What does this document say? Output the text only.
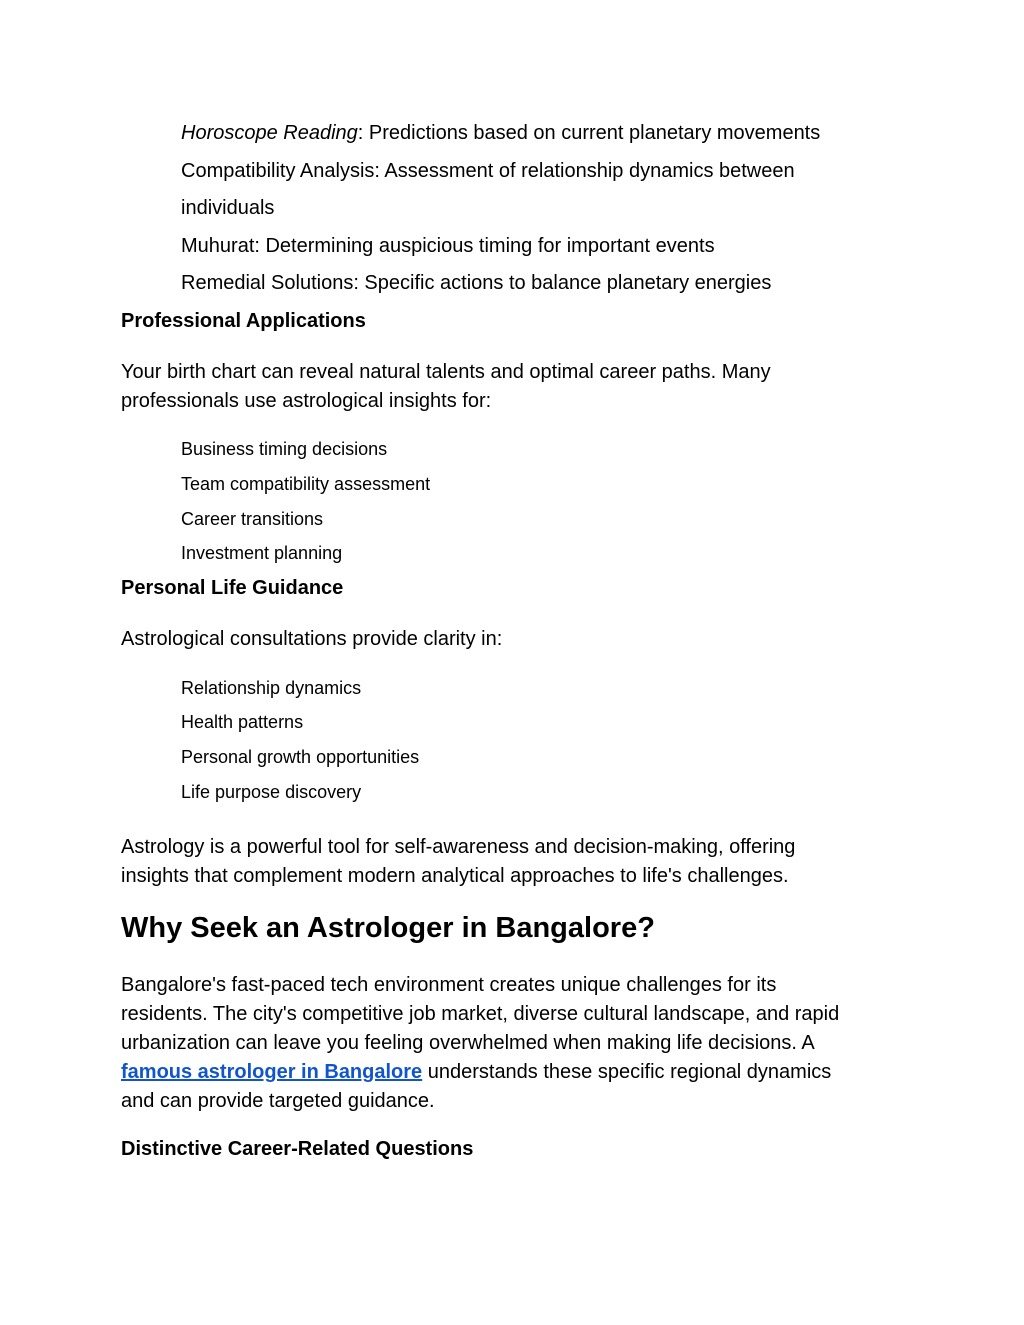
Horoscope Reading: Predictions based on current planetary movements
Compatibility Analysis: Assessment of relationship dynamics between
individuals
Muhurat: Determining auspicious timing for important events
Remedial Solutions: Specific actions to balance planetary energies
Professional Applications
Your birth chart can reveal natural talents and optimal career paths. Many
professionals use astrological insights for:
Business timing decisions
Team compatibility assessment
Career transitions
Investment planning
Personal Life Guidance
Astrological consultations provide clarity in:
Relationship dynamics
Health patterns
Personal growth opportunities
Life purpose discovery
Astrology is a powerful tool for self-awareness and decision-making, offering
insights that complement modern analytical approaches to life's challenges.
Why Seek an Astrologer in Bangalore?
Bangalore's fast-paced tech environment creates unique challenges for its
residents. The city's competitive job market, diverse cultural landscape, and rapid
urbanization can leave you feeling overwhelmed when making life decisions. A
famous astrologer in Bangalore understands these specific regional dynamics
and can provide targeted guidance.
Distinctive Career-Related Questions
